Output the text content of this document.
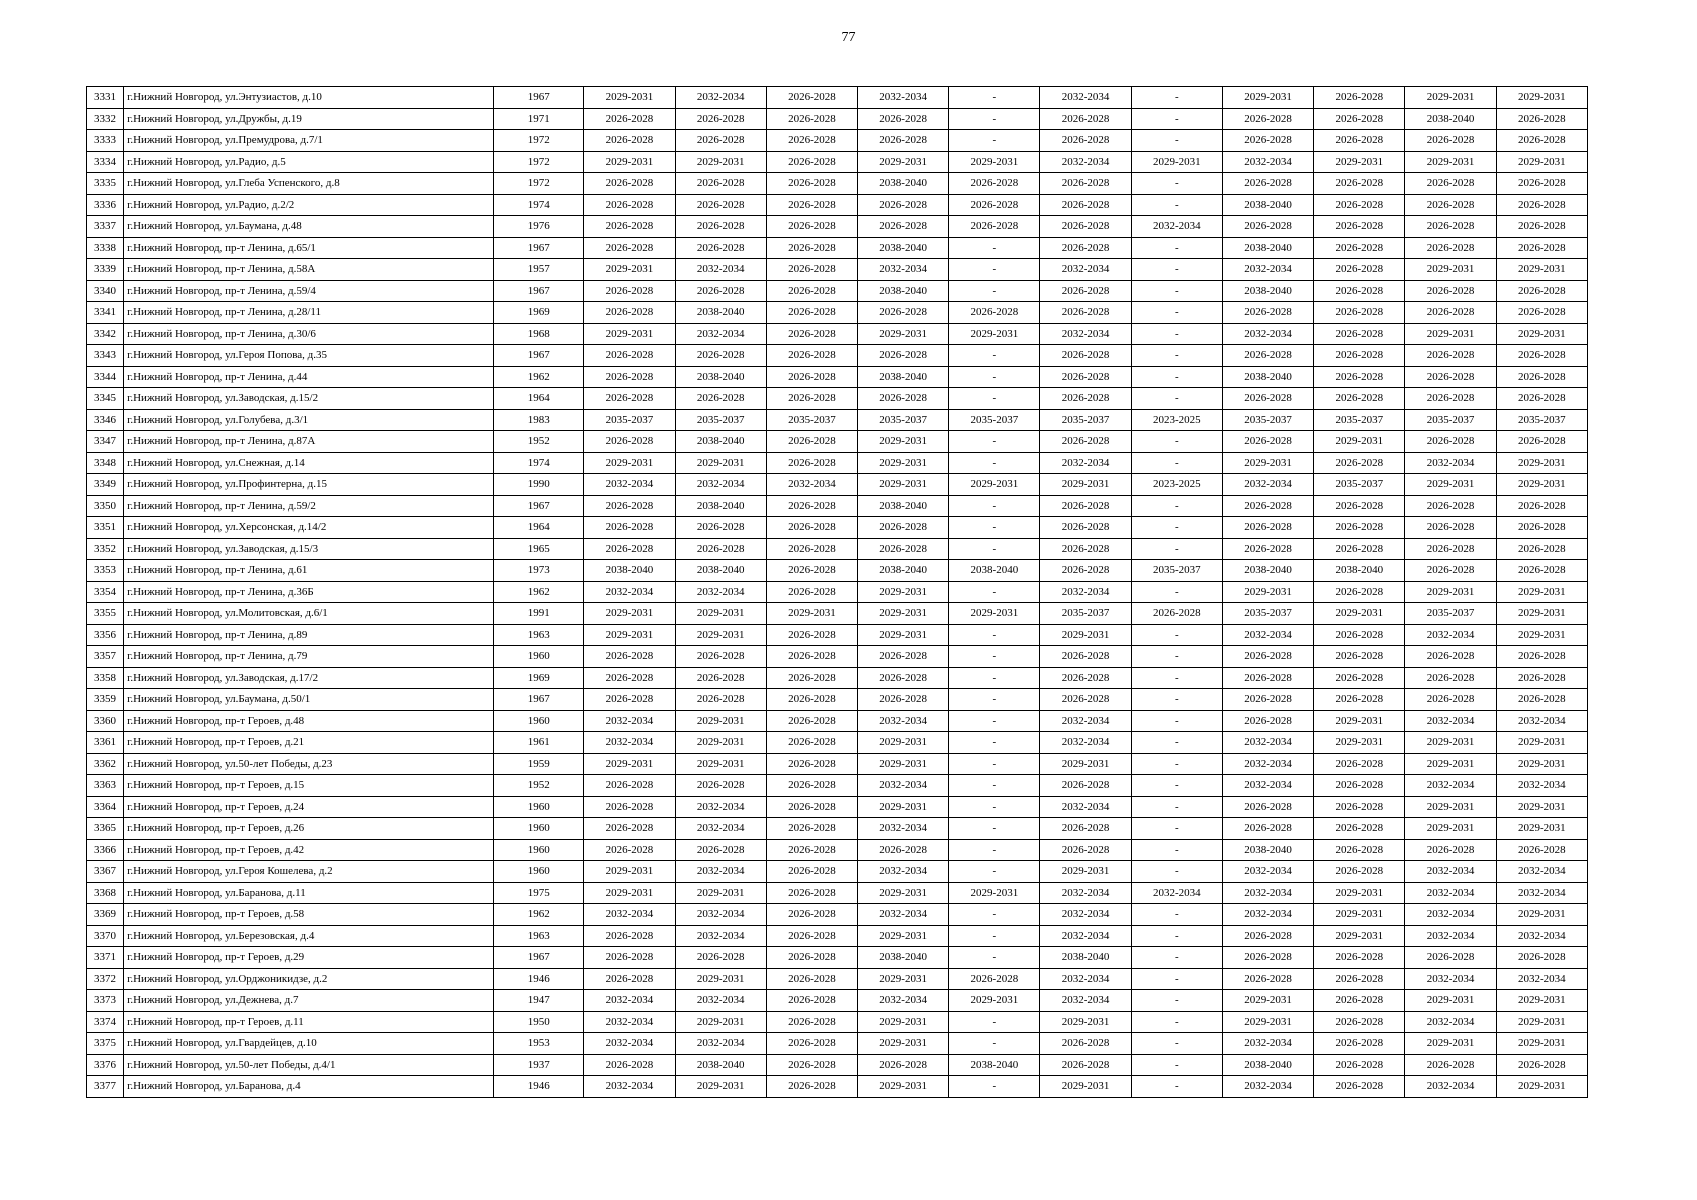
77
3331	г.Нижний Новгород, ул.Энтузиастов, д.10	1967	2029-2031	2032-2034	2026-2028	2032-2034	-	2032-2034	-	2029-2031	2026-2028	2029-2031	2029-2031
3332	г.Нижний Новгород, ул.Дружбы, д.19	1971	2026-2028	2026-2028	2026-2028	2026-2028	-	2026-2028	-	2026-2028	2026-2028	2038-2040	2026-2028
3333	г.Нижний Новгород, ул.Премудрова, д.7/1	1972	2026-2028	2026-2028	2026-2028	2026-2028	-	2026-2028	-	2026-2028	2026-2028	2026-2028	2026-2028
3334	г.Нижний Новгород, ул.Радио, д.5	1972	2029-2031	2029-2031	2026-2028	2029-2031	2029-2031	2032-2034	2029-2031	2032-2034	2029-2031	2029-2031	2029-2031
3335	г.Нижний Новгород, ул.Глеба Успенского, д.8	1972	2026-2028	2026-2028	2026-2028	2038-2040	2026-2028	2026-2028	-	2026-2028	2026-2028	2026-2028	2026-2028
3336	г.Нижний Новгород, ул.Радио, д.2/2	1974	2026-2028	2026-2028	2026-2028	2026-2028	2026-2028	2026-2028	-	2038-2040	2026-2028	2026-2028	2026-2028
3337	г.Нижний Новгород, ул.Баумана, д.48	1976	2026-2028	2026-2028	2026-2028	2026-2028	2026-2028	2026-2028	2032-2034	2026-2028	2026-2028	2026-2028	2026-2028
3338	г.Нижний Новгород, пр-т Ленина, д.65/1	1967	2026-2028	2026-2028	2026-2028	2038-2040	-	2026-2028	-	2038-2040	2026-2028	2026-2028	2026-2028
3339	г.Нижний Новгород, пр-т Ленина, д.58А	1957	2029-2031	2032-2034	2026-2028	2032-2034	-	2032-2034	-	2032-2034	2026-2028	2029-2031	2029-2031
3340	г.Нижний Новгород, пр-т Ленина, д.59/4	1967	2026-2028	2026-2028	2026-2028	2038-2040	-	2026-2028	-	2038-2040	2026-2028	2026-2028	2026-2028
3341	г.Нижний Новгород, пр-т Ленина, д.28/11	1969	2026-2028	2038-2040	2026-2028	2026-2028	2026-2028	2026-2028	-	2026-2028	2026-2028	2026-2028	2026-2028
3342	г.Нижний Новгород, пр-т Ленина, д.30/6	1968	2029-2031	2032-2034	2026-2028	2029-2031	2029-2031	2032-2034	-	2032-2034	2026-2028	2029-2031	2029-2031
3343	г.Нижний Новгород, ул.Героя Попова, д.35	1967	2026-2028	2026-2028	2026-2028	2026-2028	-	2026-2028	-	2026-2028	2026-2028	2026-2028	2026-2028
3344	г.Нижний Новгород, пр-т Ленина, д.44	1962	2026-2028	2038-2040	2026-2028	2038-2040	-	2026-2028	-	2038-2040	2026-2028	2026-2028	2026-2028
3345	г.Нижний Новгород, ул.Заводская, д.15/2	1964	2026-2028	2026-2028	2026-2028	2026-2028	-	2026-2028	-	2026-2028	2026-2028	2026-2028	2026-2028
3346	г.Нижний Новгород, ул.Голубева, д.3/1	1983	2035-2037	2035-2037	2035-2037	2035-2037	2035-2037	2035-2037	2023-2025	2035-2037	2035-2037	2035-2037	2035-2037
3347	г.Нижний Новгород, пр-т Ленина, д.87А	1952	2026-2028	2038-2040	2026-2028	2029-2031	-	2026-2028	-	2026-2028	2029-2031	2026-2028	2026-2028
3348	г.Нижний Новгород, ул.Снежная, д.14	1974	2029-2031	2029-2031	2026-2028	2029-2031	-	2032-2034	-	2029-2031	2026-2028	2032-2034	2029-2031
3349	г.Нижний Новгород, ул.Профинтерна, д.15	1990	2032-2034	2032-2034	2032-2034	2029-2031	2029-2031	2029-2031	2023-2025	2032-2034	2035-2037	2029-2031	2029-2031
3350	г.Нижний Новгород, пр-т Ленина, д.59/2	1967	2026-2028	2038-2040	2026-2028	2038-2040	-	2026-2028	-	2026-2028	2026-2028	2026-2028	2026-2028
3351	г.Нижний Новгород, ул.Херсонская, д.14/2	1964	2026-2028	2026-2028	2026-2028	2026-2028	-	2026-2028	-	2026-2028	2026-2028	2026-2028	2026-2028
3352	г.Нижний Новгород, ул.Заводская, д.15/3	1965	2026-2028	2026-2028	2026-2028	2026-2028	-	2026-2028	-	2026-2028	2026-2028	2026-2028	2026-2028
3353	г.Нижний Новгород, пр-т Ленина, д.61	1973	2038-2040	2038-2040	2026-2028	2038-2040	2038-2040	2026-2028	2035-2037	2038-2040	2038-2040	2026-2028	2026-2028
3354	г.Нижний Новгород, пр-т Ленина, д.36Б	1962	2032-2034	2032-2034	2026-2028	2029-2031	-	2032-2034	-	2029-2031	2026-2028	2029-2031	2029-2031
3355	г.Нижний Новгород, ул.Молитовская, д.6/1	1991	2029-2031	2029-2031	2029-2031	2029-2031	2029-2031	2035-2037	2026-2028	2035-2037	2029-2031	2035-2037	2029-2031
3356	г.Нижний Новгород, пр-т Ленина, д.89	1963	2029-2031	2029-2031	2026-2028	2029-2031	-	2029-2031	-	2032-2034	2026-2028	2032-2034	2029-2031
3357	г.Нижний Новгород, пр-т Ленина, д.79	1960	2026-2028	2026-2028	2026-2028	2026-2028	-	2026-2028	-	2026-2028	2026-2028	2026-2028	2026-2028
3358	г.Нижний Новгород, ул.Заводская, д.17/2	1969	2026-2028	2026-2028	2026-2028	2026-2028	-	2026-2028	-	2026-2028	2026-2028	2026-2028	2026-2028
3359	г.Нижний Новгород, ул.Баумана, д.50/1	1967	2026-2028	2026-2028	2026-2028	2026-2028	-	2026-2028	-	2026-2028	2026-2028	2026-2028	2026-2028
3360	г.Нижний Новгород, пр-т Героев, д.48	1960	2032-2034	2029-2031	2026-2028	2032-2034	-	2032-2034	-	2026-2028	2029-2031	2032-2034	2032-2034
3361	г.Нижний Новгород, пр-т Героев, д.21	1961	2032-2034	2029-2031	2026-2028	2029-2031	-	2032-2034	-	2032-2034	2029-2031	2029-2031	2029-2031
3362	г.Нижний Новгород, ул.50-лет Победы, д.23	1959	2029-2031	2029-2031	2026-2028	2029-2031	-	2029-2031	-	2032-2034	2026-2028	2029-2031	2029-2031
3363	г.Нижний Новгород, пр-т Героев, д.15	1952	2026-2028	2026-2028	2026-2028	2032-2034	-	2026-2028	-	2032-2034	2026-2028	2032-2034	2032-2034
3364	г.Нижний Новгород, пр-т Героев, д.24	1960	2026-2028	2032-2034	2026-2028	2029-2031	-	2032-2034	-	2026-2028	2026-2028	2029-2031	2029-2031
3365	г.Нижний Новгород, пр-т Героев, д.26	1960	2026-2028	2032-2034	2026-2028	2032-2034	-	2026-2028	-	2026-2028	2026-2028	2029-2031	2029-2031
3366	г.Нижний Новгород, пр-т Героев, д.42	1960	2026-2028	2026-2028	2026-2028	2026-2028	-	2026-2028	-	2038-2040	2026-2028	2026-2028	2026-2028
3367	г.Нижний Новгород, ул.Героя Кошелева, д.2	1960	2029-2031	2032-2034	2026-2028	2032-2034	-	2029-2031	-	2032-2034	2026-2028	2032-2034	2032-2034
3368	г.Нижний Новгород, ул.Баранова, д.11	1975	2029-2031	2029-2031	2026-2028	2029-2031	2029-2031	2032-2034	2032-2034	2032-2034	2029-2031	2032-2034	2032-2034
3369	г.Нижний Новгород, пр-т Героев, д.58	1962	2032-2034	2032-2034	2026-2028	2032-2034	-	2032-2034	-	2032-2034	2029-2031	2032-2034	2029-2031
3370	г.Нижний Новгород, ул.Березовская, д.4	1963	2026-2028	2032-2034	2026-2028	2029-2031	-	2032-2034	-	2026-2028	2029-2031	2032-2034	2032-2034
3371	г.Нижний Новгород, пр-т Героев, д.29	1967	2026-2028	2026-2028	2026-2028	2038-2040	-	2038-2040	-	2026-2028	2026-2028	2026-2028	2026-2028
3372	г.Нижний Новгород, ул.Орджоникидзе, д.2	1946	2026-2028	2029-2031	2026-2028	2029-2031	2026-2028	2032-2034	-	2026-2028	2026-2028	2032-2034	2032-2034
3373	г.Нижний Новгород, ул.Дежнева, д.7	1947	2032-2034	2032-2034	2026-2028	2032-2034	2029-2031	2032-2034	-	2029-2031	2026-2028	2029-2031	2029-2031
3374	г.Нижний Новгород, пр-т Героев, д.11	1950	2032-2034	2029-2031	2026-2028	2029-2031	-	2029-2031	-	2029-2031	2026-2028	2032-2034	2029-2031
3375	г.Нижний Новгород, ул.Гвардейцев, д.10	1953	2032-2034	2032-2034	2026-2028	2029-2031	-	2026-2028	-	2032-2034	2026-2028	2029-2031	2029-2031
3376	г.Нижний Новгород, ул.50-лет Победы, д.4/1	1937	2026-2028	2038-2040	2026-2028	2026-2028	2038-2040	2026-2028	-	2038-2040	2026-2028	2026-2028	2026-2028
3377	г.Нижний Новгород, ул.Баранова, д.4	1946	2032-2034	2029-2031	2026-2028	2029-2031	-	2029-2031	-	2032-2034	2026-2028	2032-2034	2029-2031
